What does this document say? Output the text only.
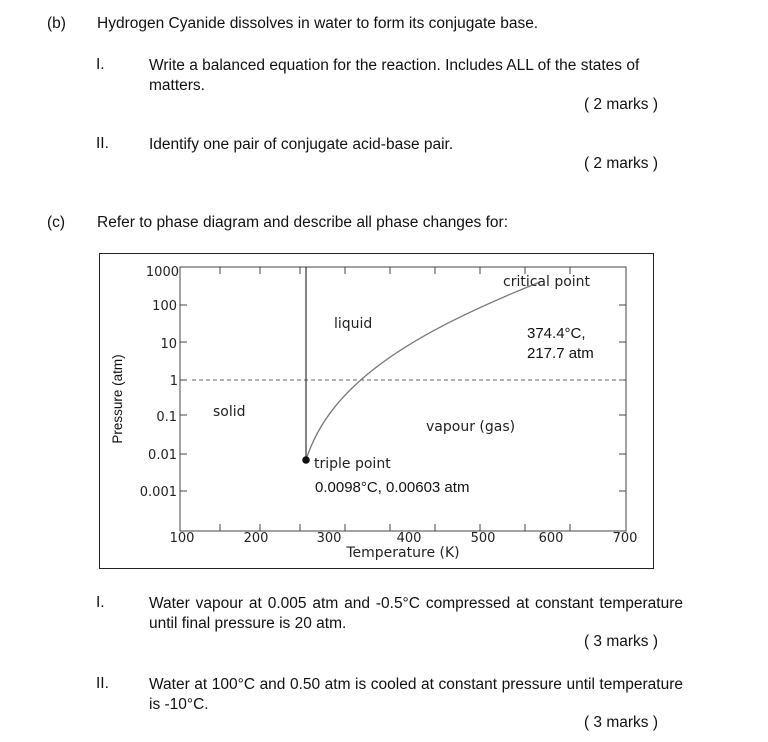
(b) Hydrogen Cyanide dissolves in water to form its conjugate base.
I.	Write a balanced equation for the reaction. Includes ALL of the states of matters.
( 2 marks )
II.	Identify one pair of conjugate acid-base pair.
( 2 marks )
(c) Refer to phase diagram and describe all phase changes for:
1000
100
10
1
0.1
0.01
0.001
100	200	300	400	500	600	700
Temperature (K)
Pressure (atm)	solid
liquid
vapour (gas)
critical point
374.4°C,
217.7 atm
triple point
0.0098°C, 0.00603 atm
I.	Water vapour at 0.005 atm and -0.5°C compressed at constant temperature until final pressure is 20 atm.
( 3 marks )
II.	Water at 100°C and 0.50 atm is cooled at constant pressure until temperature is -10°C.
( 3 marks )
